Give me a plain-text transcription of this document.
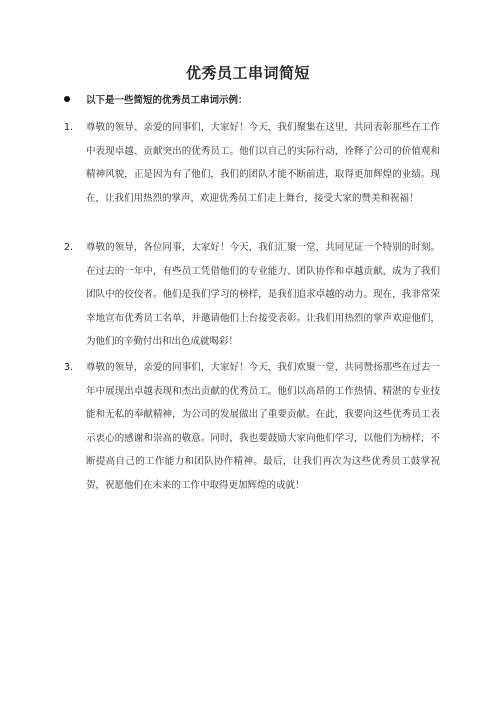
优秀员工串词简短
以下是一些简短的优秀员工串词示例：
1.	尊敬的领导、亲爱的同事们，大家好！今天，我们聚集在这里，共同表彰那些在工作中表现卓越、贡献突出的优秀员工。他们以自己的实际行动，诠释了公司的价值观和精神风貌，正是因为有了他们，我们的团队才能不断前进，取得更加辉煌的业绩。现在，让我们用热烈的掌声，欢迎优秀员工们走上舞台，接受大家的赞美和祝福！
2.	尊敬的领导，各位同事，大家好！今天，我们汇聚一堂，共同见证一个特别的时刻。在过去的一年中，有些员工凭借他们的专业能力、团队协作和卓越贡献，成为了我们团队中的佼佼者。他们是我们学习的榜样，是我们追求卓越的动力。现在，我非常荣幸地宣布优秀员工名单，并邀请他们上台接受表彰。让我们用热烈的掌声欢迎他们，为他们的辛勤付出和出色成就喝彩！
3.	尊敬的领导，亲爱的同事们，大家好！今天，我们欢聚一堂，共同赞扬那些在过去一年中展现出卓越表现和杰出贡献的优秀员工。他们以高昂的工作热情、精湛的专业技能和无私的奉献精神，为公司的发展做出了重要贡献。在此，我要向这些优秀员工表示衷心的感谢和崇高的敬意。同时，我也要鼓励大家向他们学习，以他们为榜样，不断提高自己的工作能力和团队协作精神。最后，让我们再次为这些优秀员工鼓掌祝贺，祝愿他们在未来的工作中取得更加辉煌的成就！
